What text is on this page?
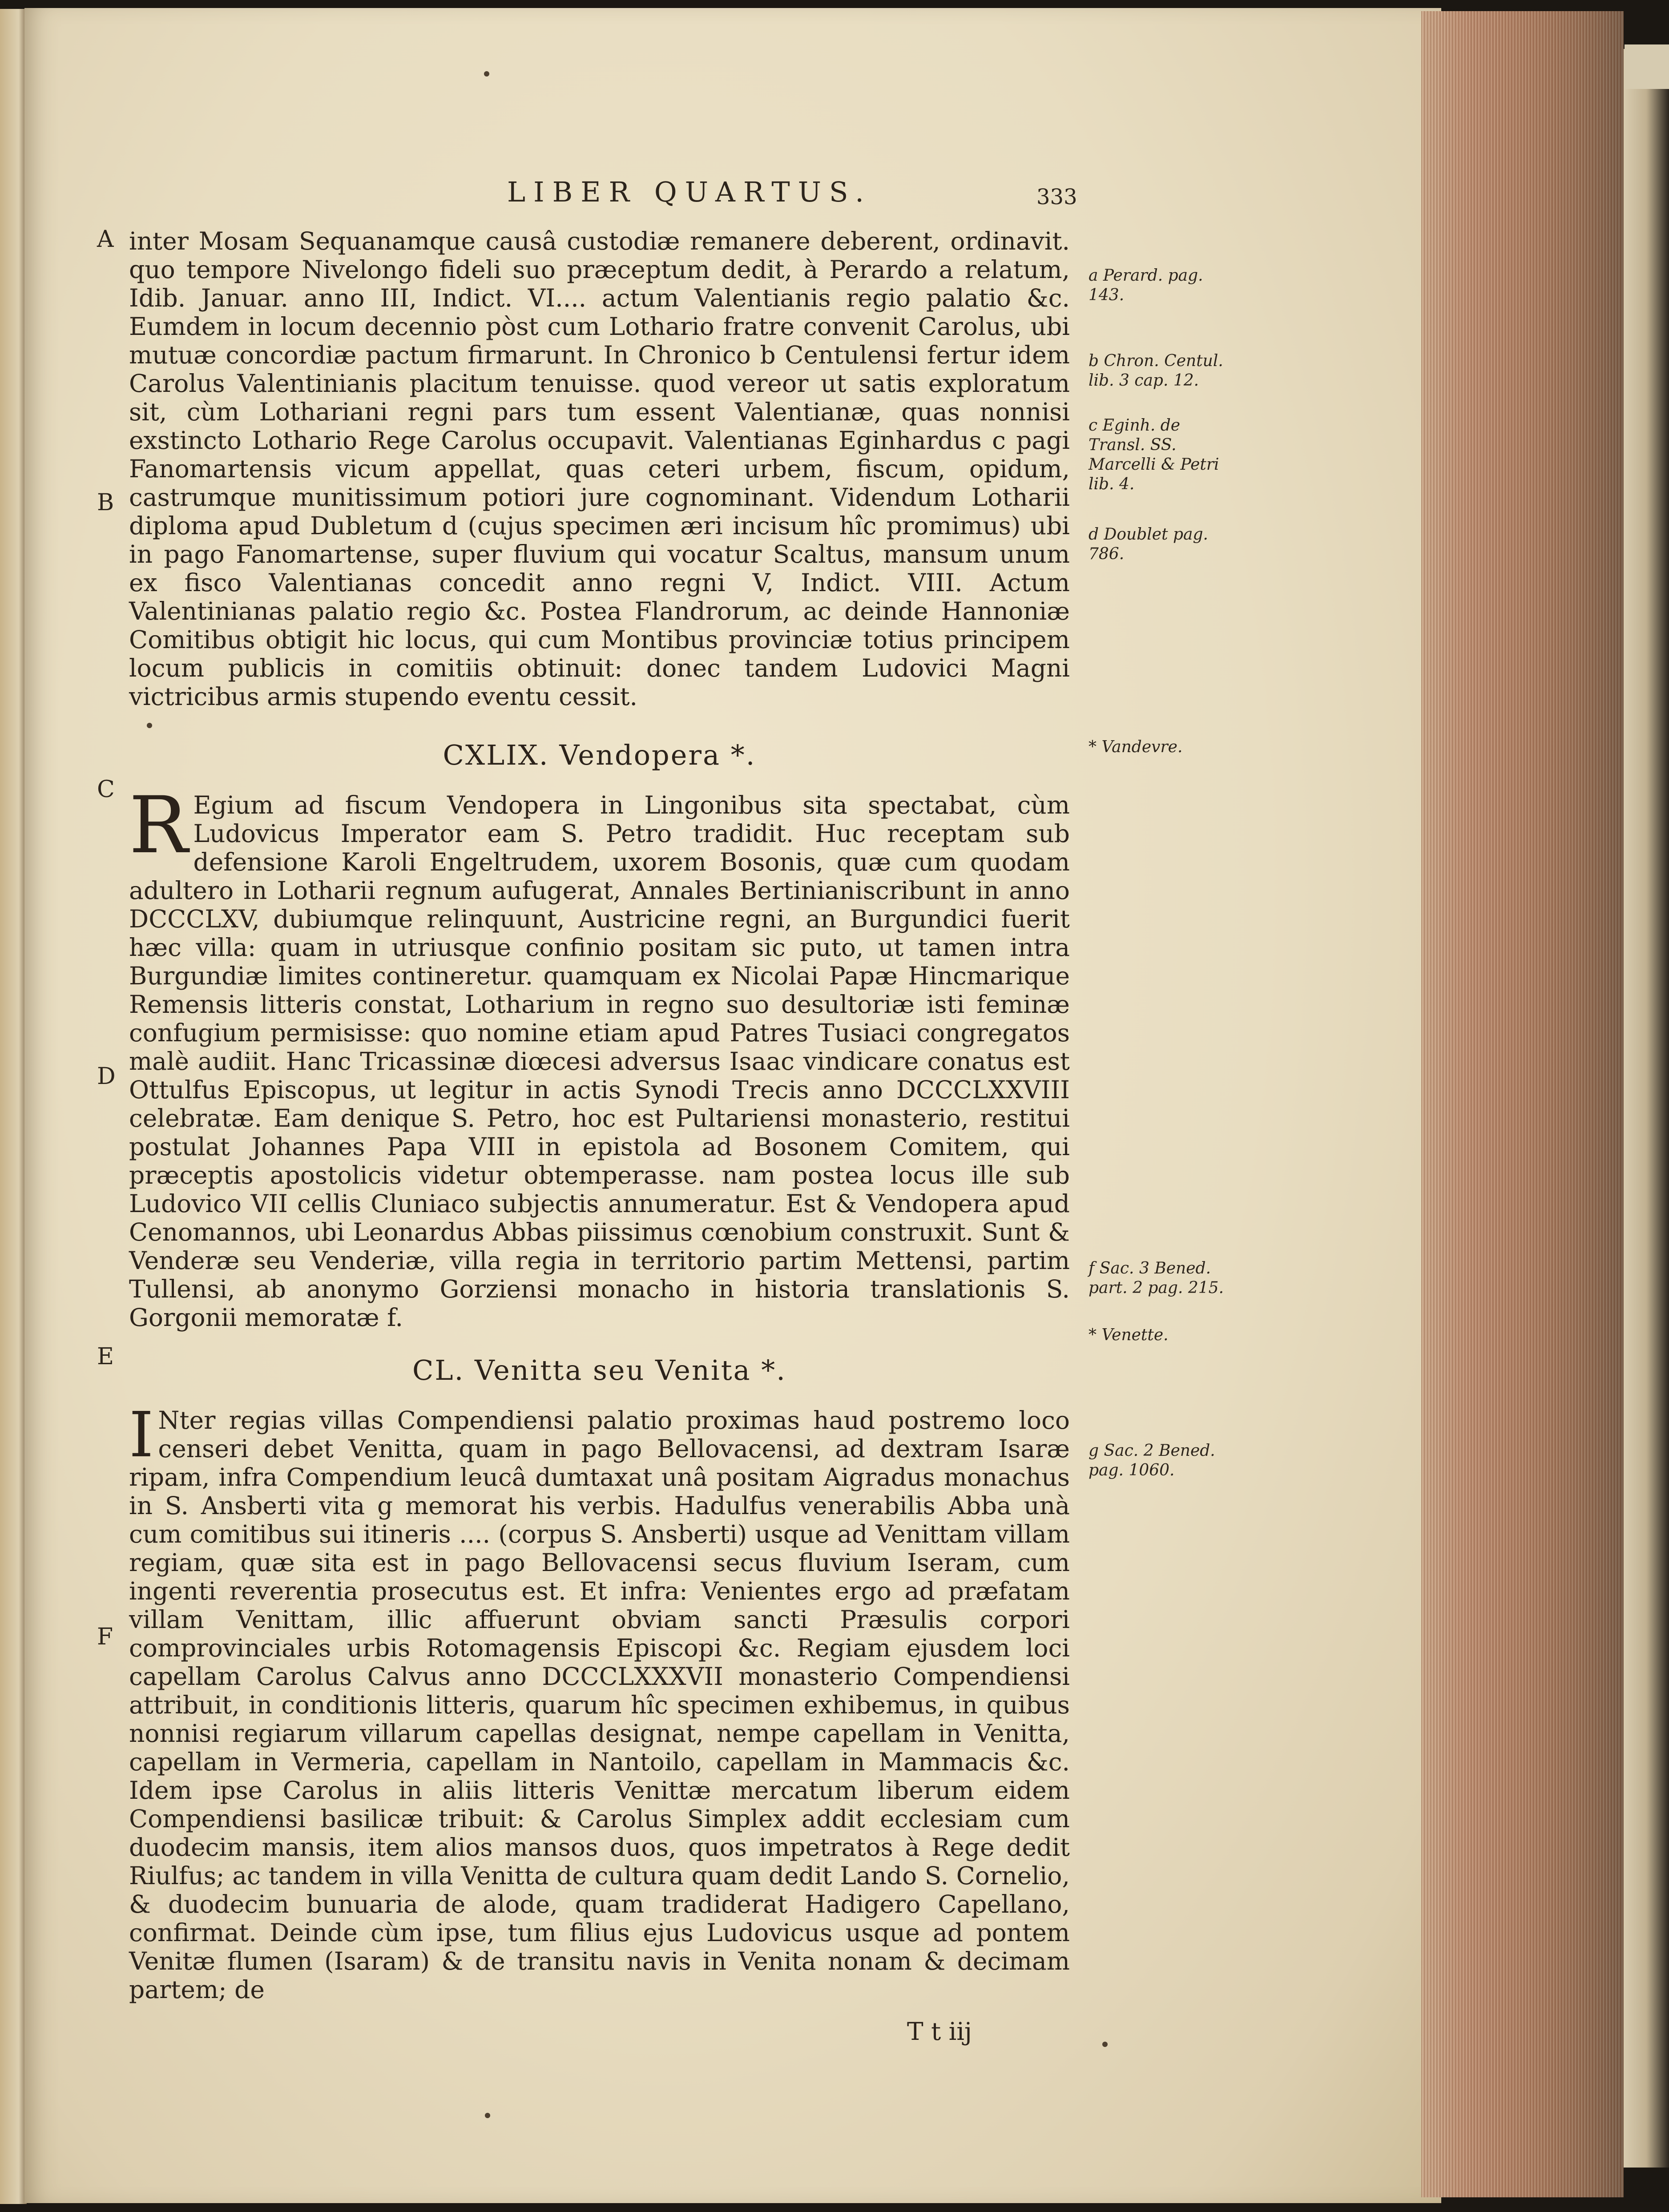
LIBER QUARTUS.	333
A
B
C
D
E
F

inter Mosam Sequanamque causâ custodiæ remanere deberent, ordinavit. quo tempore Nivelongo fideli suo præceptum dedit, à Perardo a relatum, Idib. Januar. anno III, Indict. VI.... actum Valentianis regio palatio &c. Eumdem in locum decennio pòst cum Lothario fratre convenit Carolus, ubi mutuæ concordiæ pactum firmarunt. In Chronico b Centulensi fertur idem Carolus Valentinianis placitum tenuisse. quod vereor ut satis exploratum sit, cùm Lothariani regni pars tum essent Valentianæ, quas nonnisi exstincto Lothario Rege Carolus occupavit. Valentianas Eginhardus c pagi Fanomartensis vicum appellat, quas ceteri urbem, fiscum, opidum, castrumque munitissimum potiori jure cognominant. Videndum Lotharii diploma apud Dubletum d (cujus specimen æri incisum hîc promimus) ubi in pago Fanomartense, super fluvium qui vocatur Scaltus, mansum unum ex fisco Valentianas concedit anno regni V, Indict. VIII. Actum Valentinianas palatio regio &c. Postea Flandrorum, ac deinde Hannoniæ Comitibus obtigit hic locus, qui cum Montibus provinciæ totius principem locum publicis in comitiis obtinuit: donec tandem Ludovici Magni victricibus armis stupendo eventu cessit.

CXLIX. Vendopera *.

R Egium ad fiscum Vendopera in Lingonibus sita spectabat, cùm Ludovicus Imperator eam S. Petro tradidit. Huc receptam sub defensione Karoli Engeltrudem, uxorem Bosonis, quæ cum quodam adultero in Lotharii regnum aufugerat, Annales Bertinianiscribunt in anno DCCCLXV, dubiumque relinquunt, Austricine regni, an Burgundici fuerit hæc villa: quam in utriusque confinio positam sic puto, ut tamen intra Burgundiæ limites contineretur. quamquam ex Nicolai Papæ Hincmarique Remensis litteris constat, Lotharium in regno suo desultoriæ isti feminæ confugium permisisse: quo nomine etiam apud Patres Tusiaci congregatos malè audiit. Hanc Tricassinæ diœcesi adversus Isaac vindicare conatus est Ottulfus Episcopus, ut legitur in actis Synodi Trecis anno DCCCLXXVIII celebratæ. Eam denique S. Petro, hoc est Pultariensi monasterio, restitui postulat Johannes Papa VIII in epistola ad Bosonem Comitem, qui præceptis apostolicis videtur obtemperasse. nam postea locus ille sub Ludovico VII cellis Cluniaco subjectis annumeratur. Est & Vendopera apud Cenomannos, ubi Leonardus Abbas piissimus cœnobium construxit. Sunt & Venderæ seu Venderiæ, villa regia in territorio partim Mettensi, partim Tullensi, ab anonymo Gorziensi monacho in historia translationis S. Gorgonii memoratæ f.

CL. Venitta seu Venita *.

I Nter regias villas Compendiensi palatio proximas haud postremo loco censeri debet Venitta, quam in pago Bellovacensi, ad dextram Isaræ ripam, infra Compendium leucâ dumtaxat unâ positam Aigradus monachus in S. Ansberti vita g memorat his verbis. Hadulfus venerabilis Abba unà cum comitibus sui itineris .... (corpus S. Ansberti) usque ad Venittam villam regiam, quæ sita est in pago Bellovacensi secus fluvium Iseram, cum ingenti reverentia prosecutus est. Et infra: Venientes ergo ad præfatam villam Venittam, illic affuerunt obviam sancti Præsulis corpori comprovinciales urbis Rotomagensis Episcopi &c. Regiam ejusdem loci capellam Carolus Calvus anno DCCCLXXXVII monasterio Compendiensi attribuit, in conditionis litteris, quarum hîc specimen exhibemus, in quibus nonnisi regiarum villarum capellas designat, nempe capellam in Venitta, capellam in Vermeria, capellam in Nantoilo, capellam in Mammacis &c. Idem ipse Carolus in aliis litteris Venittæ mercatum liberum eidem Compendiensi basilicæ tribuit: & Carolus Simplex addit ecclesiam cum duodecim mansis, item alios mansos duos, quos impetratos à Rege dedit Riulfus; ac tandem in villa Venitta de cultura quam dedit Lando S. Cornelio, & duodecim bunuaria de alode, quam tradiderat Hadigero Capellano, confirmat. Deinde cùm ipse, tum filius ejus Ludovicus usque ad pontem Venitæ flumen (Isaram) & de transitu navis in Venita nonam & decimam partem; de

T t iij
a Perard. pag. 143.
b Chron. Centul. lib. 3 cap. 12.
c Eginh. de Transl. SS. Marcelli & Petri lib. 4.
d Doublet pag. 786.
* Vandevre.
f Sac. 3 Bened. part. 2 pag. 215.
* Venette.
g Sac. 2 Bened. pag. 1060.
